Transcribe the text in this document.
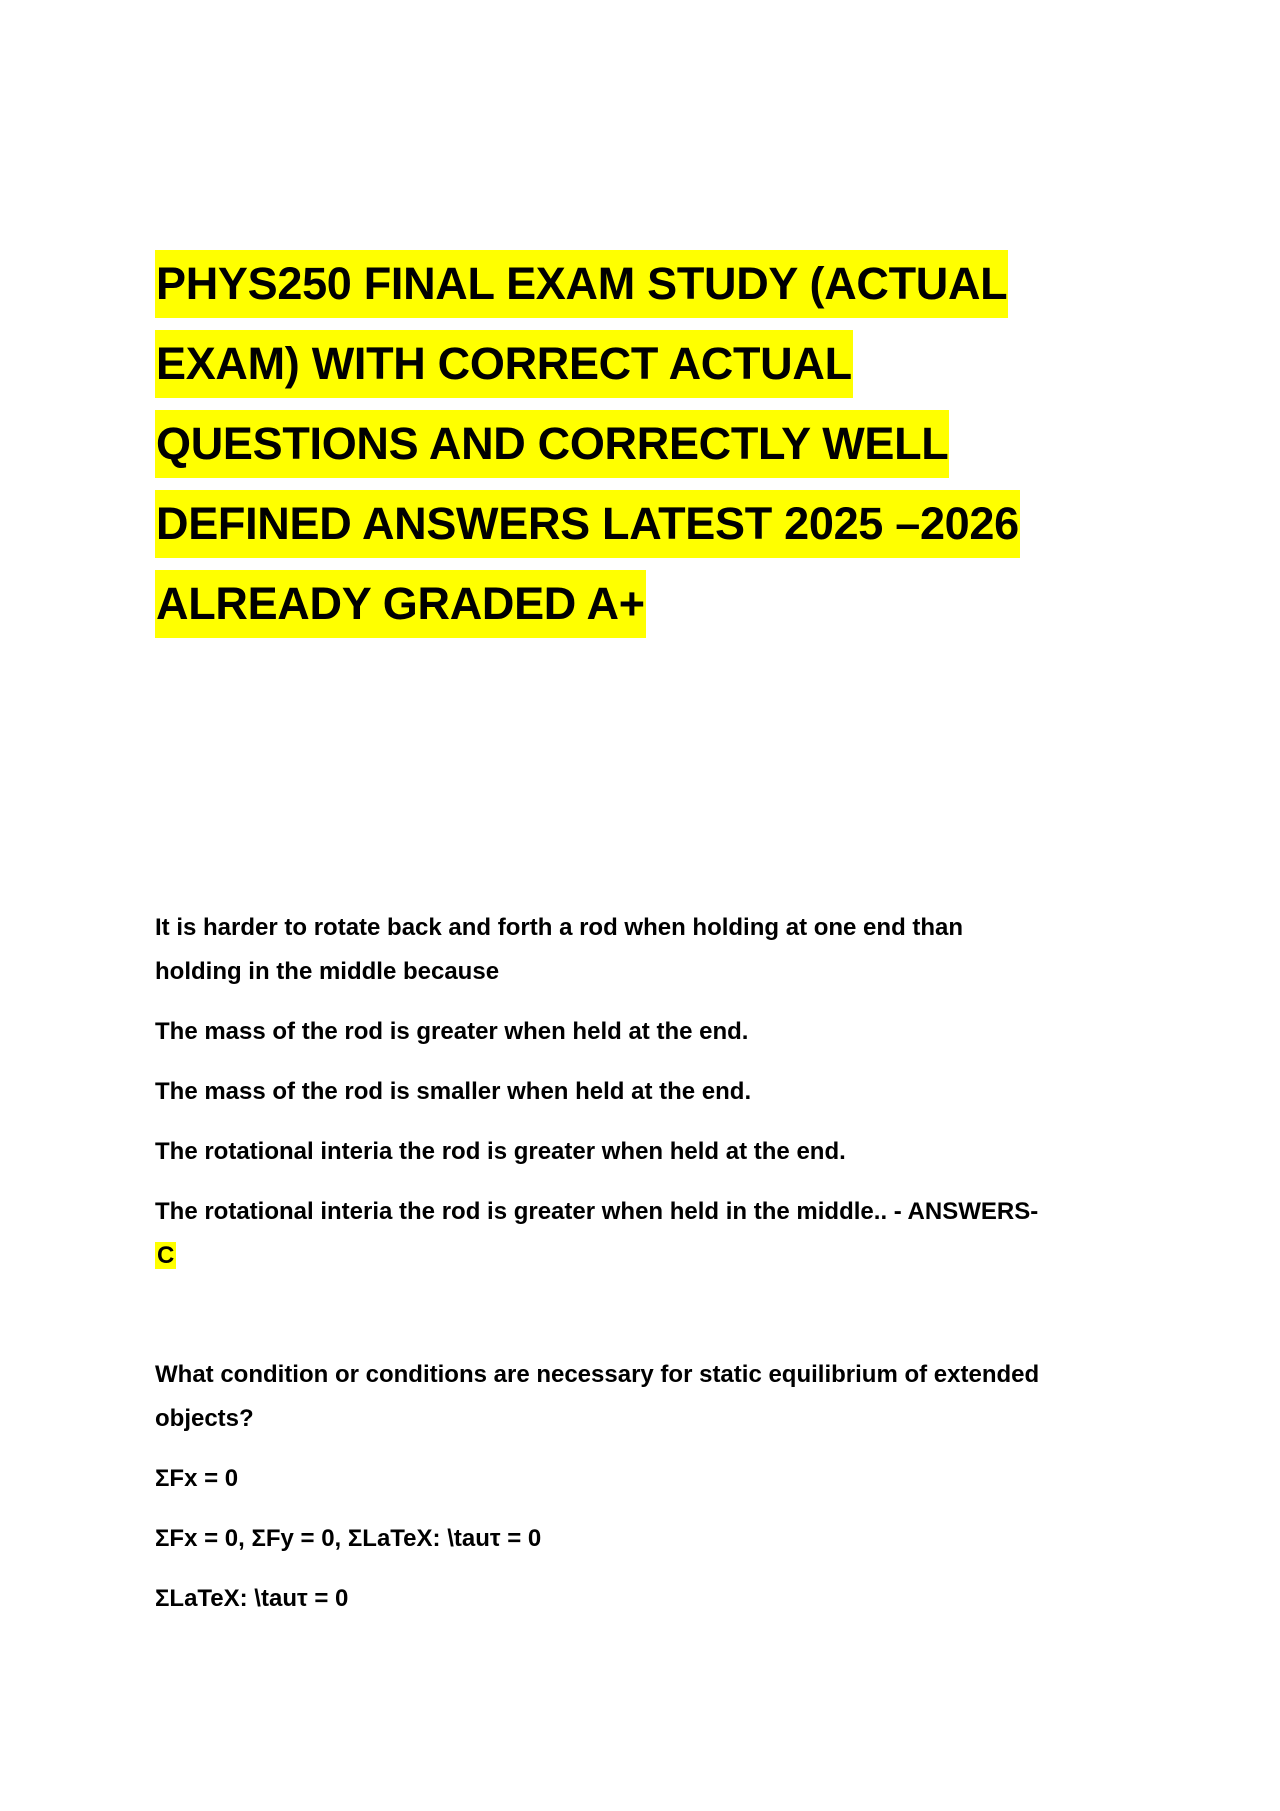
PHYS250 FINAL EXAM STUDY (ACTUAL
EXAM) WITH CORRECT ACTUAL
QUESTIONS AND CORRECTLY WELL
DEFINED ANSWERS LATEST 2025 –2026
ALREADY GRADED A+

It is harder to rotate back and forth a rod when holding at one end than

holding in the middle because

The mass of the rod is greater when held at the end.

The mass of the rod is smaller when held at the end.

The rotational interia the rod is greater when held at the end.

The rotational interia the rod is greater when held in the middle.. - ANSWERS-

C

What condition or conditions are necessary for static equilibrium of extended

objects?

ΣFx = 0

ΣFx = 0, ΣFy = 0, ΣLaTeX: \tauτ = 0

ΣLaTeX: \tauτ = 0
